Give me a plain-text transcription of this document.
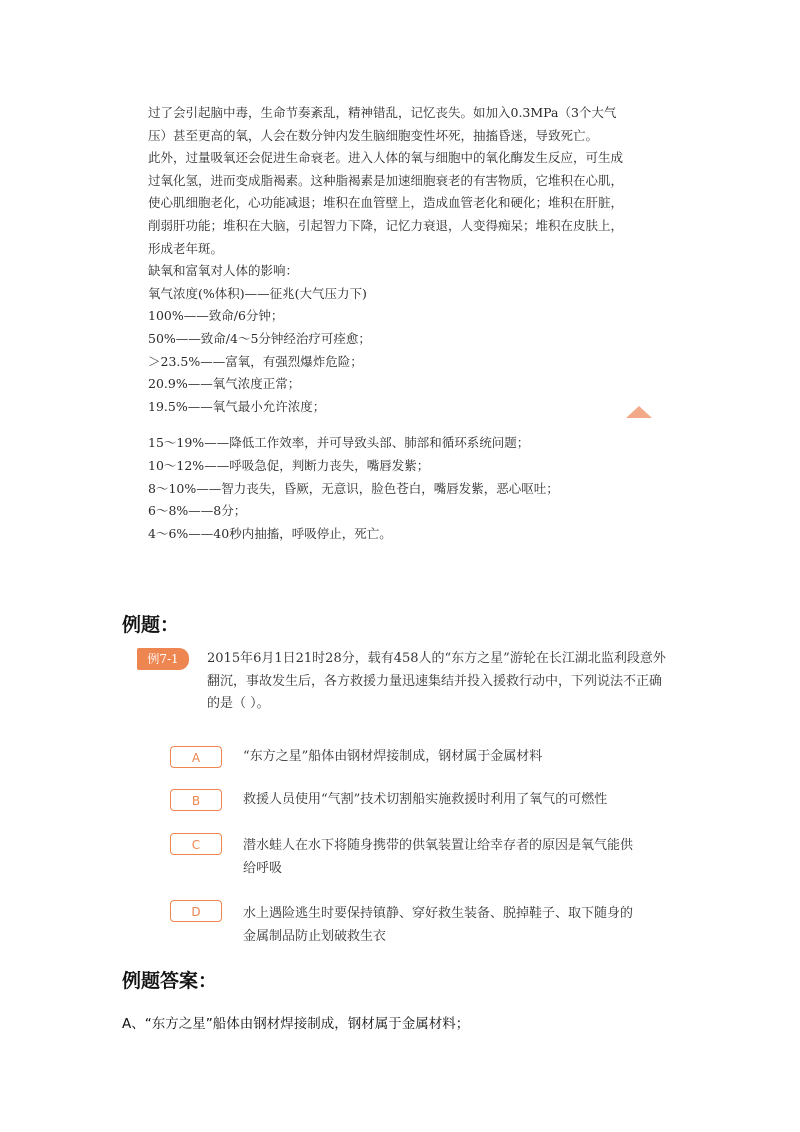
过了会引起脑中毒，生命节奏紊乱，精神错乱，记忆丧失。如加入0.3MPa（3个大气

压）甚至更高的氧，人会在数分钟内发生脑细胞变性坏死，抽搐昏迷，导致死亡。

此外，过量吸氧还会促进生命衰老。进入人体的氧与细胞中的氧化酶发生反应，可生成

过氧化氢，进而变成脂褐素。这种脂褐素是加速细胞衰老的有害物质，它堆积在心肌，

使心肌细胞老化，心功能减退；堆积在血管壁上，造成血管老化和硬化；堆积在肝脏，

削弱肝功能；堆积在大脑，引起智力下降，记忆力衰退，人变得痴呆；堆积在皮肤上，

形成老年斑。

缺氧和富氧对人体的影响：

氧气浓度(%体积)——征兆(大气压力下)

100%——致命/6分钟；

50%——致命/4～5分钟经治疗可痊愈；

＞23.5%——富氧，有强烈爆炸危险；

20.9%——氧气浓度正常；

19.5%——氧气最小允许浓度；

15～19%——降低工作效率，并可导致头部、肺部和循环系统问题；

10～12%——呼吸急促，判断力丧失，嘴唇发紫；

8～10%——智力丧失，昏厥，无意识，脸色苍白，嘴唇发紫，恶心呕吐；

6～8%——8分；

4～6%——40秒内抽搐，呼吸停止，死亡。

例题：
例7-1	2015年6月1日21时28分，载有458人的“东方之星”游轮在长江湖北监利段意外翻沉，事故发生后，各方救援力量迅速集结并投入援救行动中，下列说法不正确的是（ ）。
A	“东方之星”船体由钢材焊接制成，钢材属于金属材料
B	救援人员使用“气割”技术切割船实施救援时利用了氧气的可燃性
C	潜水蛙人在水下将随身携带的供氧装置让给幸存者的原因是氧气能供给呼吸
D	水上遇险逃生时要保持镇静、穿好救生装备、脱掉鞋子、取下随身的金属制品防止划破救生衣
例题答案：
A、“东方之星”船体由钢材焊接制成，钢材属于金属材料；
